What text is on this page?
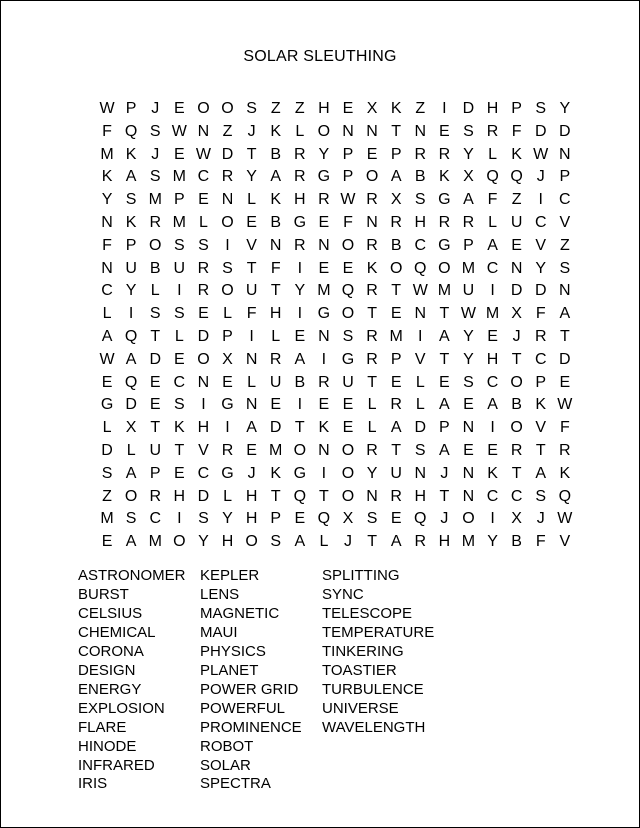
SOLAR SLEUTHING
W P J E O O S Z Z H E X K Z I D H P S Y
F Q S W N Z J K L O N N T N E S R F D D
M K J E W D T B R Y P E P R R Y L K W N
K A S M C R Y A R G P O A B K X Q Q J P
Y S M P E N L K H R W R X S G A F Z I C
N K R M L O E B G E F N R H R R L U C V
F P O S S I V N R N O R B C G P A E V Z
N U B U R S T F I E E K O Q O M C N Y S
C Y L I R O U T Y M Q R T W M U I D D N
L I S S E L F H I G O T E N T W M X F A
A Q T L D P I L E N S R M I A Y E J R T
W A D E O X N R A I G R P V T Y H T C D
E Q E C N E L U B R U T E L E S C O P E
G D E S I G N E I E E L R L A E A B K W
L X T K H I A D T K E L A D P N I O V F
D L U T V R E M O N O R T S A E E R T R
S A P E C G J K G I O Y U N J N K T A K
Z O R H D L H T Q T O N R H T N C C S Q
M S C I S Y H P E Q X S E Q J O I X J W
E A M O Y H O S A L J T A R H M Y B F V
ASTRONOMER
BURST
CELSIUS
CHEMICAL
CORONA
DESIGN
ENERGY
EXPLOSION
FLARE
HINODE
INFRARED
IRIS
KEPLER
LENS
MAGNETIC
MAUI
PHYSICS
PLANET
POWER GRID
POWERFUL
PROMINENCE
ROBOT
SOLAR
SPECTRA
SPLITTING
SYNC
TELESCOPE
TEMPERATURE
TINKERING
TOASTIER
TURBULENCE
UNIVERSE
WAVELENGTH
